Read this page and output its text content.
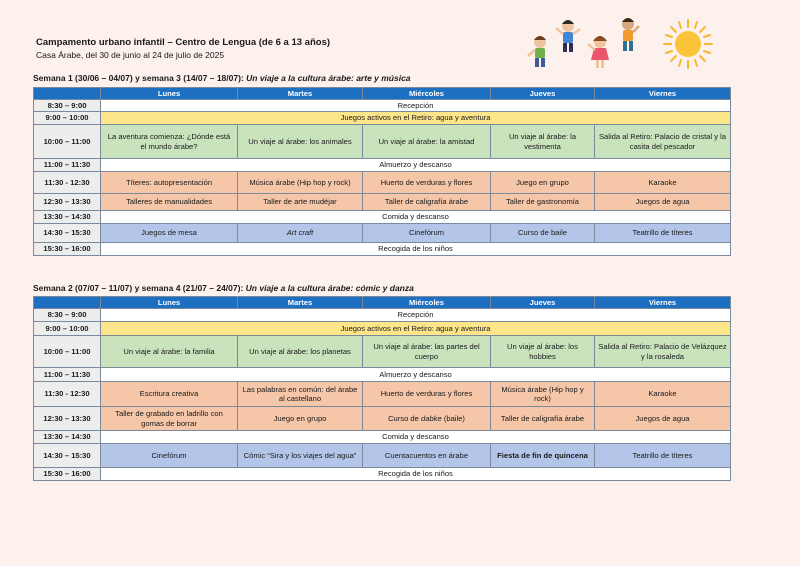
Campamento urbano infantil – Centro de Lengua (de 6 a 13 años)
Casa Árabe, del 30 de junio al 24 de julio de 2025
Semana 1 (30/06 – 04/07) y semana 3 (14/07 – 18/07): Un viaje a la cultura árabe: arte y música
	Lunes	Martes	Miércoles	Jueves	Viernes
8:30 – 9:00	Recepción				
9:00 – 10:00	Juegos activos en el Retiro: agua y aventura				
10:00 – 11:00	La aventura comienza: ¿Dónde está el mundo árabe?	Un viaje al árabe: los animales	Un viaje al árabe: la amistad	Un viaje al árabe: la vestimenta	Salida al Retiro: Palacio de cristal y la casita del pescador
11:00 – 11:30	Almuerzo y descanso				
11:30 - 12:30	Títeres: autopresentación	Música árabe (Hip hop y rock)	Huerto de verduras y flores	Juego en grupo	Karaoke
12:30 – 13:30	Talleres de manualidades	Taller de arte mudéjar	Taller de caligrafía árabe	Taller de gastronomía	Juegos de agua
13:30 – 14:30	Comida y descanso				
14:30 – 15:30	Juegos de mesa	Art craft	Cinefórum	Curso de baile	Teatrillo de títeres
15:30 – 16:00	Recogida de los niños				
Semana 2 (07/07 – 11/07) y semana 4 (21/07 – 24/07): Un viaje a la cultura árabe: cómic y danza
	Lunes	Martes	Miércoles	Jueves	Viernes
8:30 – 9:00	Recepción				
9:00 – 10:00	Juegos activos en el Retiro: agua y aventura				
10:00 – 11:00	Un viaje al árabe: la familia	Un viaje al árabe: los planetas	Un viaje al árabe: las partes del cuerpo	Un viaje al árabe: los hobbies	Salida al Retiro: Palacio de Velázquez y la rosaleda
11:00 – 11:30	Almuerzo y descanso				
11:30 - 12:30	Escritura creativa	Las palabras en común: del árabe al castellano	Huerto de verduras y flores	Música árabe (Hip hop y rock)	Karaoke
12:30 – 13:30	Taller de grabado en ladrillo con gomas de borrar	Juego en grupo	Curso de dabke (baile)	Taller de caligrafía árabe	Juegos de agua
13:30 – 14:30	Comida y descanso				
14:30 – 15:30	Cinefórum	Cómic “Sira y los viajes del agua”	Cuentacuentos en árabe	Fiesta de fin de quincena	Teatrillo de títeres
15:30 – 16:00	Recogida de los niños				
